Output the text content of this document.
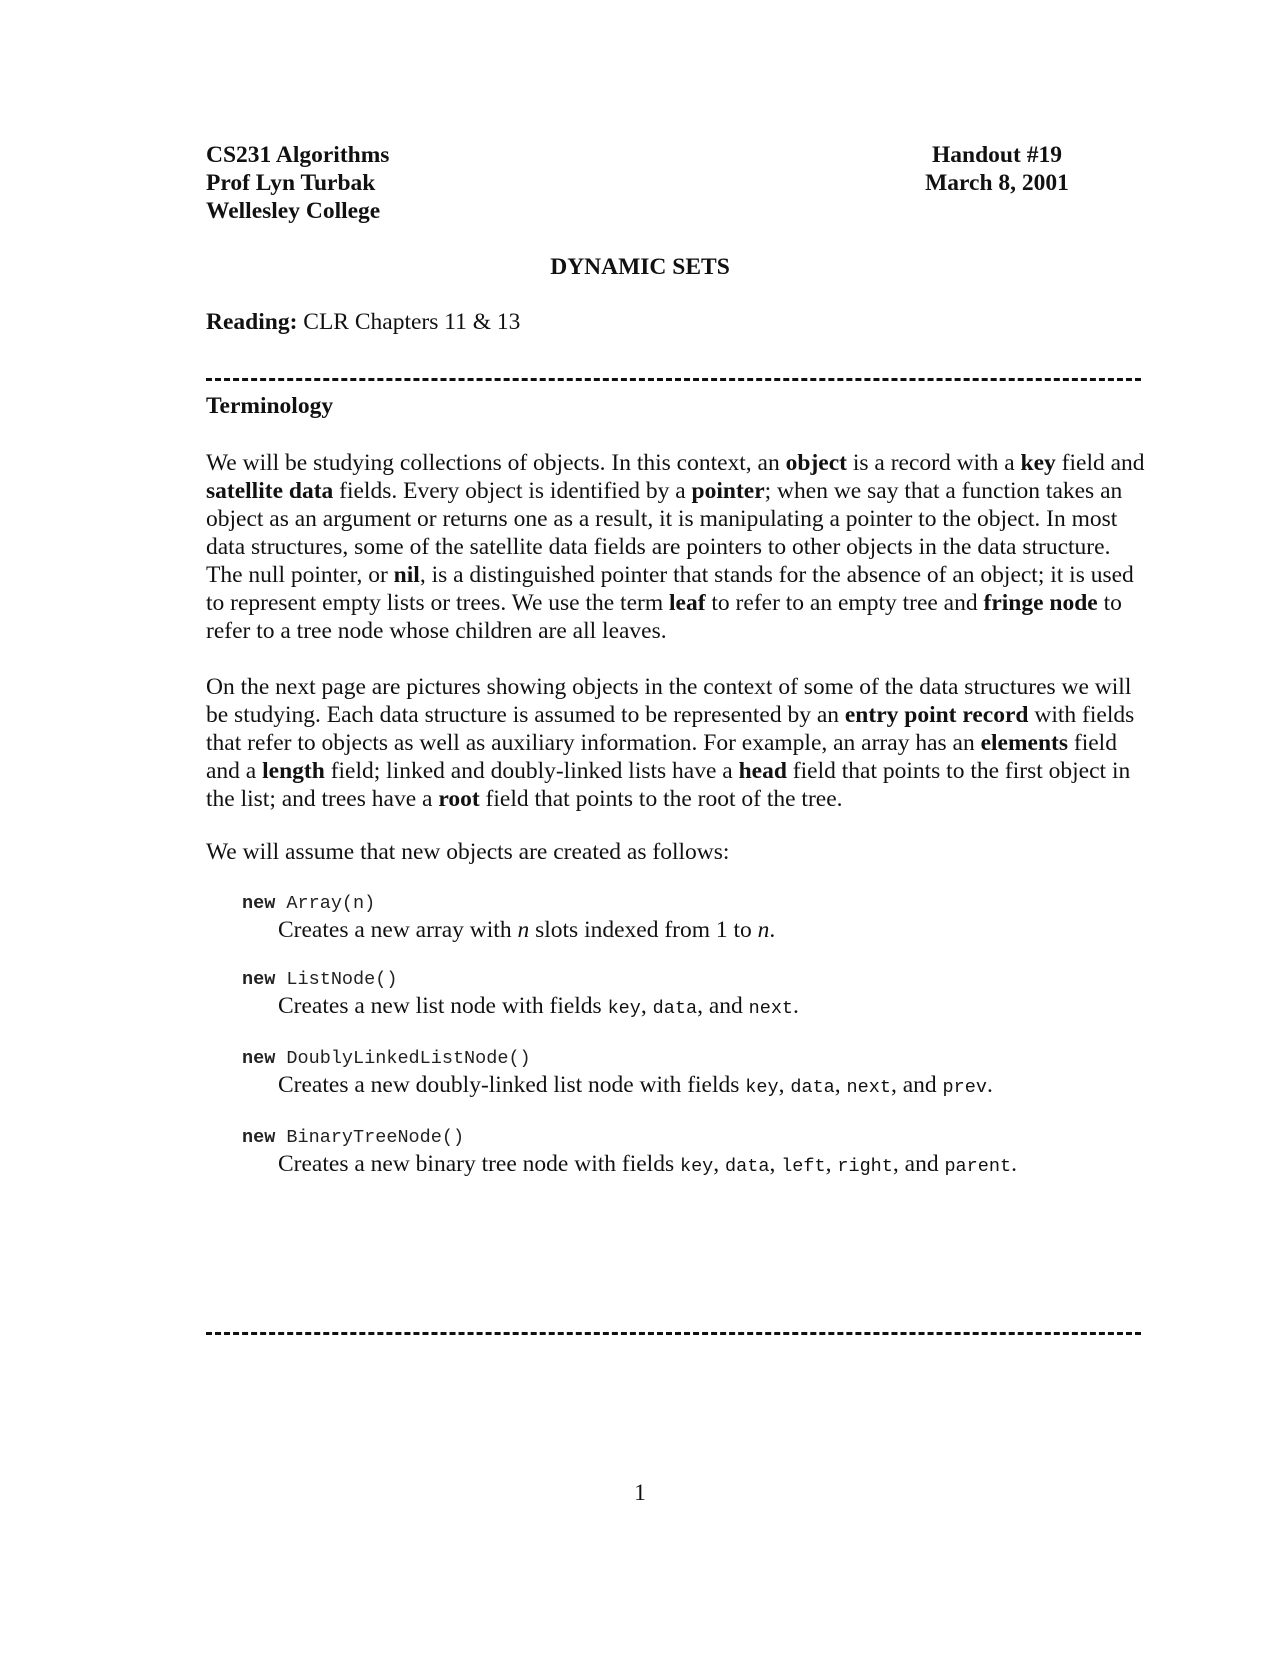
CS231 Algorithms
Prof Lyn Turbak
Wellesley College
Handout #19
March 8, 2001
DYNAMIC SETS
Reading: CLR Chapters 11 & 13
Terminology
We will be studying collections of objects. In this context, an object is a record with a key field and satellite data fields. Every object is identified by a pointer; when we say that a function takes an object as an argument or returns one as a result, it is manipulating a pointer to the object. In most data structures, some of the satellite data fields are pointers to other objects in the data structure. The null pointer, or nil, is a distinguished pointer that stands for the absence of an object; it is used to represent empty lists or trees. We use the term leaf to refer to an empty tree and fringe node to refer to a tree node whose children are all leaves.
On the next page are pictures showing objects in the context of some of the data structures we will be studying. Each data structure is assumed to be represented by an entry point record with fields that refer to objects as well as auxiliary information. For example, an array has an elements field and a length field; linked and doubly-linked lists have a head field that points to the first object in the list; and trees have a root field that points to the root of the tree.
We will assume that new objects are created as follows:
new Array(n)
Creates a new array with n slots indexed from 1 to n.
new ListNode()
Creates a new list node with fields key, data, and next.
new DoublyLinkedListNode()
Creates a new doubly-linked list node with fields key, data, next, and prev.
new BinaryTreeNode()
Creates a new binary tree node with fields key, data, left, right, and parent.
1
